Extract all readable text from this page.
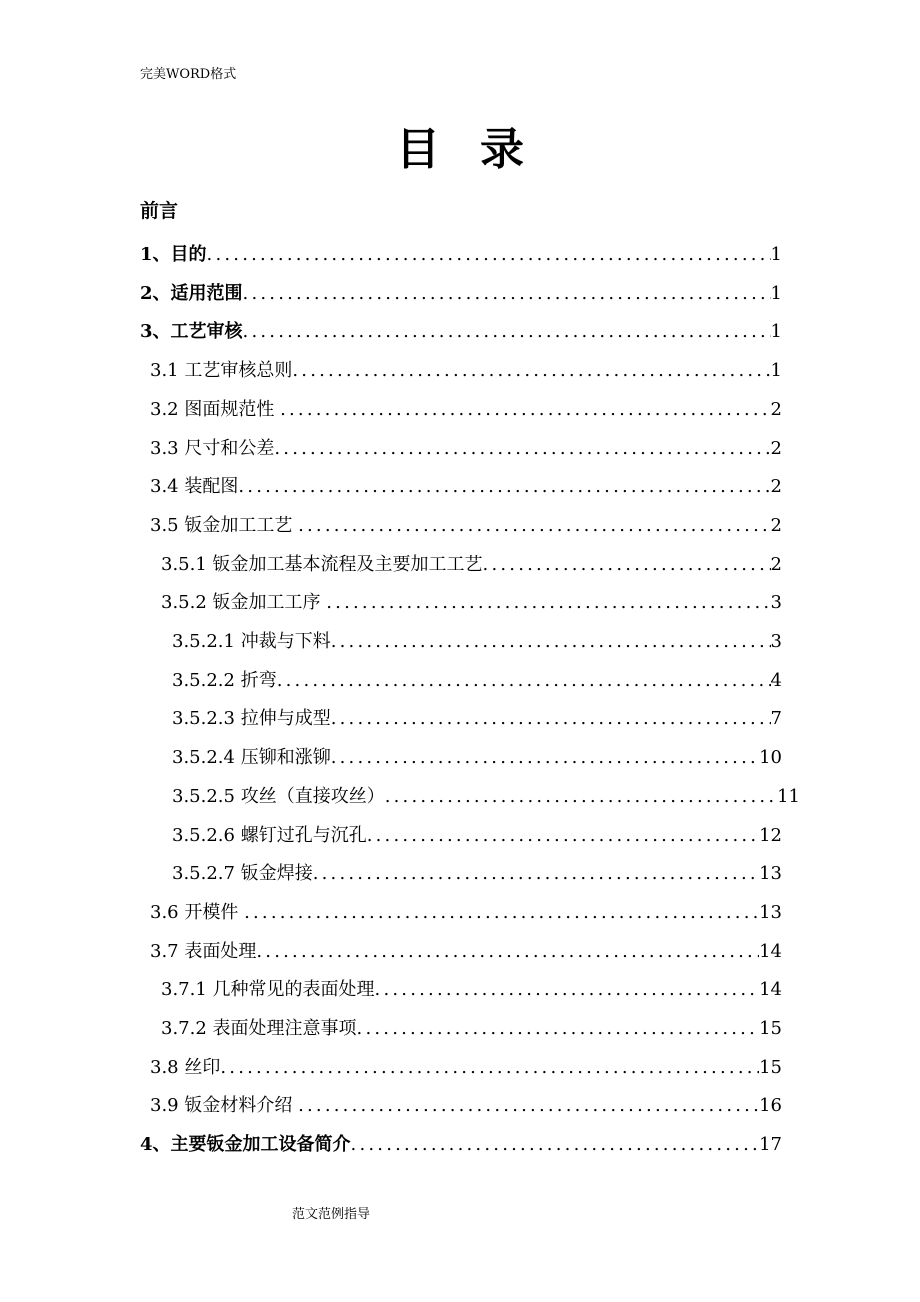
完美WORD格式
目录
前言
1、目的 .....	1
2、适用范围 .....	1
3、工艺审核 .....	1
3.1 工艺审核总则 .....	1
3.2 图面规范性 .....	2
3.3 尺寸和公差 .....	2
3.4 装配图 .....	2
3.5 钣金加工工艺 .....	2
3.5.1 钣金加工基本流程及主要加工工艺 .....	2
3.5.2 钣金加工工序 .....	3
3.5.2.1 冲裁与下料 .....	3
3.5.2.2 折弯 .....	4
3.5.2.3 拉伸与成型 .....	7
3.5.2.4 压铆和涨铆 .....	10
3.5.2.5 攻丝（直接攻丝） .....	11
3.5.2.6 螺钉过孔与沉孔 .....	12
3.5.2.7 钣金焊接 .....	13
3.6 开模件 .....	13
3.7 表面处理 .....	14
3.7.1 几种常见的表面处理 .....	14
3.7.2 表面处理注意事项 .....	15
3.8 丝印 .....	15
3.9 钣金材料介绍 .....	16
4、主要钣金加工设备简介 .....	17
范文范例指导
